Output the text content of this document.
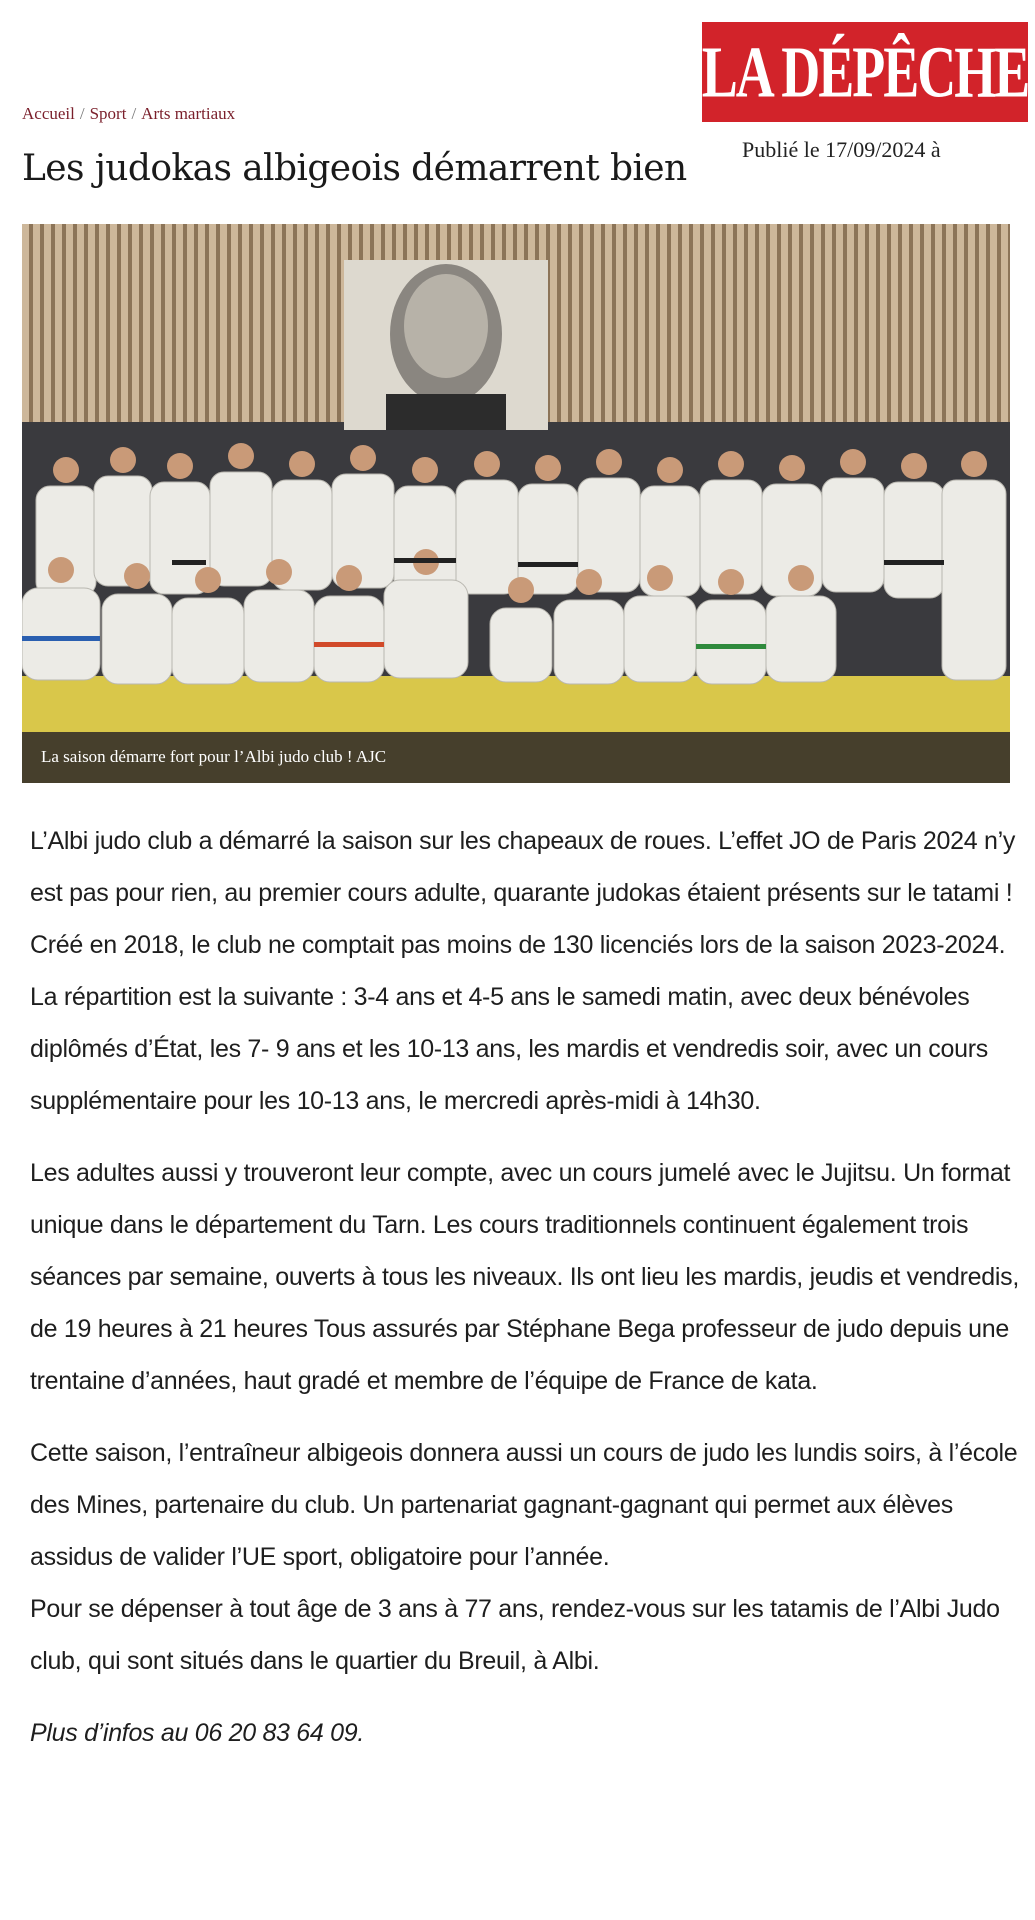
LA DÉPÊCHE
Accueil / Sport / Arts martiaux
Publié le 17/09/2024 à
Les judokas albigeois démarrent bien
La saison démarre fort pour l’Albi judo club ! AJC

L’Albi judo club a démarré la saison sur les chapeaux de roues. L’effet JO de Paris 2024 n’y est pas pour rien, au premier cours adulte, quarante judokas étaient présents sur le tatami ! Créé en 2018, le club ne comptait pas moins de 130 licenciés lors de la saison 2023-2024. La répartition est la suivante : 3-4 ans et 4-5 ans le samedi matin, avec deux bénévoles diplômés d’État, les 7- 9 ans et les 10-13 ans, les mardis et vendredis soir, avec un cours supplémentaire pour les 10-13 ans, le mercredi après-midi à 14h30.

Les adultes aussi y trouveront leur compte, avec un cours jumelé avec le Jujitsu. Un format unique dans le département du Tarn. Les cours traditionnels continuent également trois séances par semaine, ouverts à tous les niveaux. Ils ont lieu les mardis, jeudis et vendredis, de 19 heures à 21 heures Tous assurés par Stéphane Bega professeur de judo depuis une trentaine d’années, haut gradé et membre de l’équipe de France de kata.

Cette saison, l’entraîneur albigeois donnera aussi un cours de judo les lundis soirs, à l’école des Mines, partenaire du club. Un partenariat gagnant-gagnant qui permet aux élèves assidus de valider l’UE sport, obligatoire pour l’année.

Pour se dépenser à tout âge de 3 ans à 77 ans, rendez-vous sur les tatamis de l’Albi Judo club, qui sont situés dans le quartier du Breuil, à Albi.

Plus d’infos au 06 20 83 64 09.
